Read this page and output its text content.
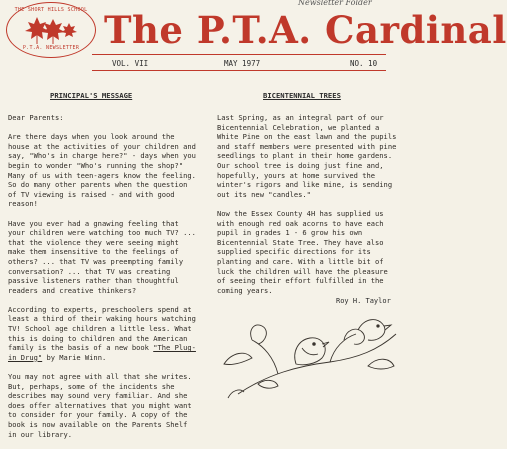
THE SHORT HILLS SCHOOL
P.T.A. NEWSLETTER The P.T.A. Cardinal
Newsletter Folder
VOL. VII	MAY 1977	NO. 10
PRINCIPAL'S MESSAGE	BICENTENNIAL TREES

Dear Parents:

Are there days when you look around the house at the activities of your children and say, "Who's in charge here?" - days when you begin to wonder "Who's running the shop?" Many of us with teen-agers know the feeling. So do many other parents when the question of TV viewing is raised - and with good reason!

Have you ever had a gnawing feeling that your children were watching too much TV? ... that the violence they were seeing might make them insensitive to the feelings of others? ... that TV was preempting family conversation? ... that TV was creating passive listeners rather than thoughtful readers and creative thinkers?

According to experts, preschoolers spend at least a third of their waking hours watching TV! School age children a little less. What this is doing to children and the American family is the basis of a new book "The Plug-in Drug" by Marie Winn.

You may not agree with all that she writes. But, perhaps, some of the incidents she describes may sound very familiar. And she does offer alternatives that you might want to consider for your family. A copy of the book is now available on the Parents Shelf in our library.

Last Spring, as an integral part of our Bicentennial Celebration, we planted a White Pine on the east lawn and the pupils and staff members were presented with pine seedlings to plant in their home gardens. Our school tree is doing just fine and, hopefully, yours at home survived the winter's rigors and like mine, is sending out its new "candles."

Now the Essex County 4H has supplied us with enough red oak acorns to have each pupil in grades 1 - 6 grow his own Bicentennial State Tree. They have also supplied specific directions for its planting and care. With a little bit of luck the children will have the pleasure of seeing their effort fulfilled in the coming years.

Roy H. Taylor
